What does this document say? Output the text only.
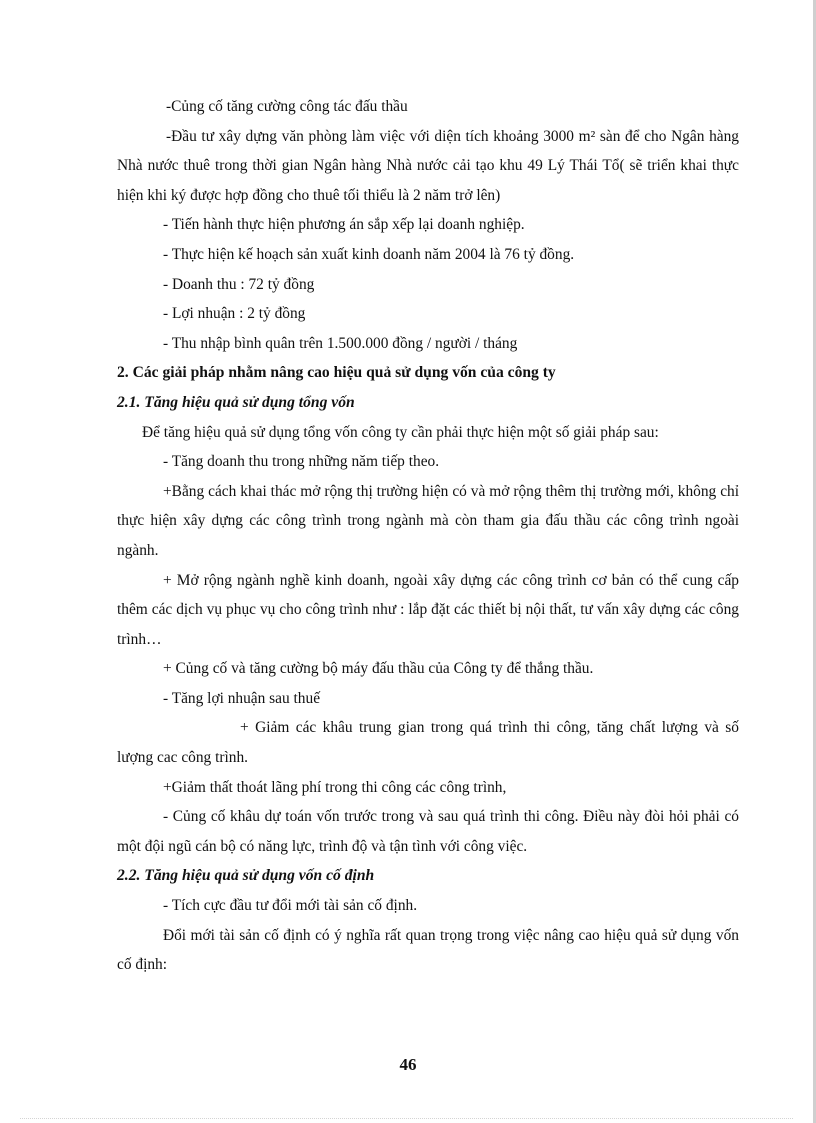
-Củng cố tăng cường công tác đấu thầu

-Đầu tư xây dựng văn phòng làm việc với diện tích khoảng 3000 m² sàn để cho Ngân hàng Nhà nước thuê trong thời gian Ngân hàng Nhà nước cải tạo khu 49 Lý Thái Tổ( sẽ triển khai thực hiện khi ký được hợp đồng cho thuê tối thiểu là 2 năm trở lên)

- Tiến hành thực hiện phương án sắp xếp lại doanh nghiệp.

- Thực hiện kế hoạch sản xuất kinh doanh năm 2004 là 76 tỷ đồng.

- Doanh thu : 72 tỷ đồng

- Lợi nhuận : 2 tỷ đồng

- Thu nhập bình quân trên 1.500.000 đồng / người / tháng

2. Các giải pháp nhằm nâng cao hiệu quả sử dụng vốn của công ty

2.1. Tăng hiệu quả sử dụng tổng vốn

Để tăng hiệu quả sử dụng tổng vốn công ty cần phải thực hiện một số giải pháp sau:

- Tăng doanh thu trong những năm tiếp theo.

+Bằng cách khai thác mở rộng thị trường hiện có và mở rộng thêm thị trường mới, không chỉ thực hiện xây dựng các công trình trong ngành mà còn tham gia đấu thầu các công trình ngoài ngành.

+ Mở rộng ngành nghề kinh doanh, ngoài xây dựng các công trình cơ bản có thể cung cấp thêm các dịch vụ phục vụ cho công trình như : lắp đặt các thiết bị nội thất, tư vấn xây dựng các công trình…

+ Củng cố và tăng cường bộ máy đấu thầu của Công ty để thắng thầu.

- Tăng lợi nhuận sau thuế

+ Giảm các khâu trung gian trong quá trình thi công, tăng chất lượng và số lượng cac công trình.

+Giảm thất thoát lãng phí trong thi công các công trình,

- Củng cố khâu dự toán vốn trước trong và sau quá trình thi công. Điều này đòi hỏi phải có một đội ngũ cán bộ có năng lực, trình độ và tận tình với công việc.

2.2. Tăng hiệu quả sử dụng vốn cố định

- Tích cực đầu tư đổi mới tài sản cố định.

Đổi mới tài sản cố định có ý nghĩa rất quan trọng trong việc nâng cao hiệu quả sử dụng vốn cố định:

46
